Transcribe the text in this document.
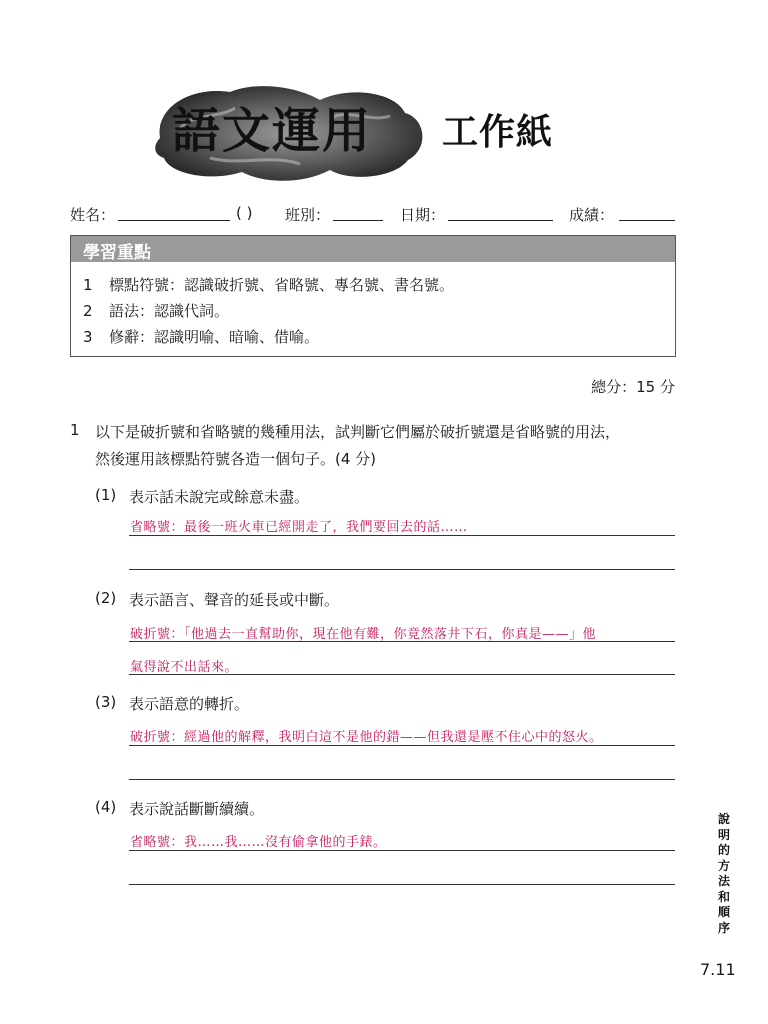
語文運用 工作紙
姓名：	( ) 班別：	日期：	成績：
學習重點
1 標點符號：認識破折號、省略號、專名號、書名號。
2 語法：認識代詞。
3 修辭：認識明喻、暗喻、借喻。
總分：15 分
1 以下是破折號和省略號的幾種用法，試判斷它們屬於破折號還是省略號的用法，
然後運用該標點符號各造一個句子。(4 分)
(1) 表示話未說完或餘意未盡。
省略號：最後一班火車已經開走了，我們要回去的話……
(2) 表示語言、聲音的延長或中斷。
破折號：「他過去一直幫助你，現在他有難，你竟然落井下石，你真是——」他
氣得說不出話來。
(3) 表示語意的轉折。
破折號：經過他的解釋，我明白這不是他的錯——但我還是壓不住心中的怒火。
(4) 表示說話斷斷續續。
省略號：我……我……沒有偷拿他的手錶。
說明的方法和順序
7.11
